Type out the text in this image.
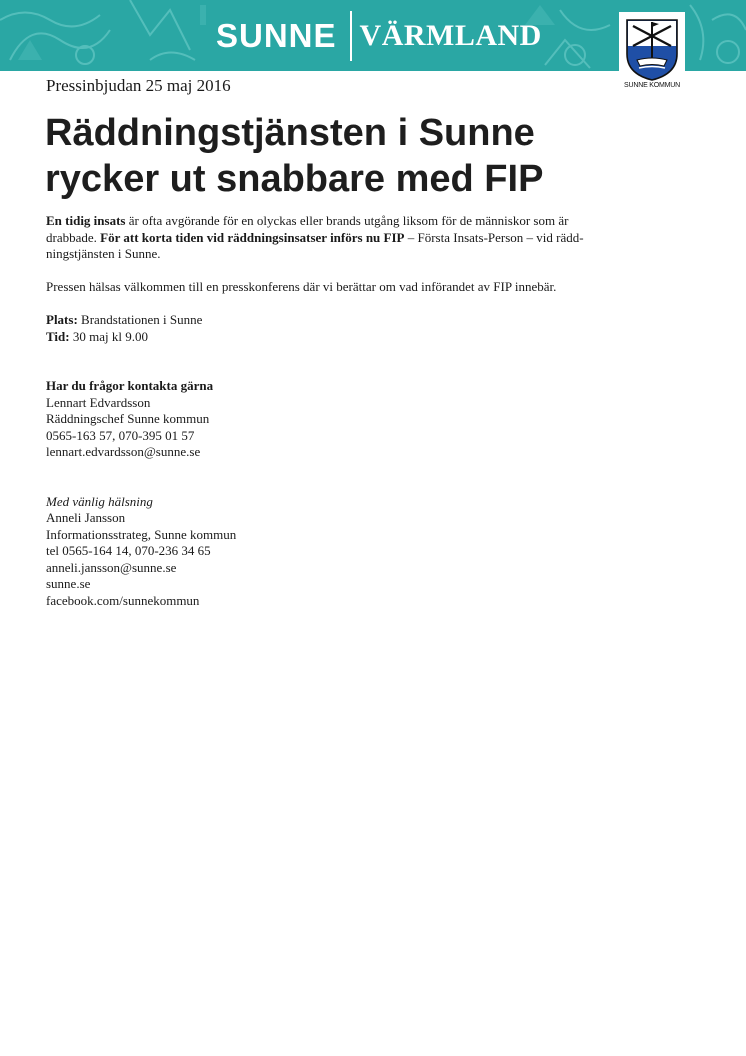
SUNNE VÄRMLAND
SUNNE KOMMUN
Pressinbjudan 25 maj 2016
Räddningstjänsten i Sunne
rycker ut snabbare med FIP

En tidig insats är ofta avgörande för en olyckas eller brands utgång liksom för de människor som är
drabbade. För att korta tiden vid räddningsinsatser införs nu FIP – Första Insats-Person – vid rädd-
ningstjänsten i Sunne.

Pressen hälsas välkommen till en presskonferens där vi berättar om vad införandet av FIP innebär.

Plats: Brandstationen i Sunne
Tid: 30 maj kl 9.00

Har du frågor kontakta gärna
Lennart Edvardsson
Räddningschef Sunne kommun
0565-163 57, 070-395 01 57
lennart.edvardsson@sunne.se

Med vänlig hälsning
Anneli Jansson
Informationsstrateg, Sunne kommun
tel 0565-164 14, 070-236 34 65
anneli.jansson@sunne.se
sunne.se
facebook.com/sunnekommun
